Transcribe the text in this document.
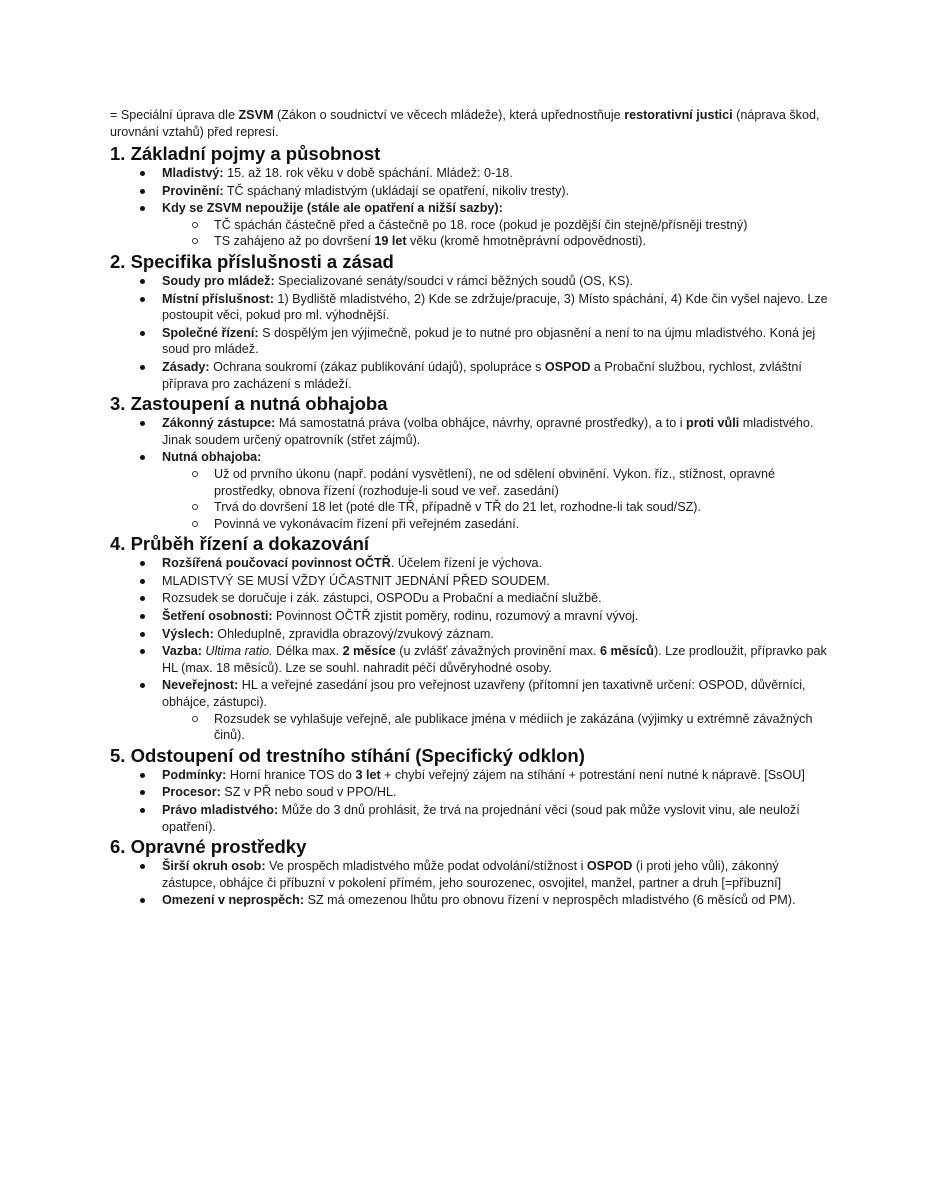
= Speciální úprava dle ZSVM (Zákon o soudnictví ve věcech mládeže), která upřednostňuje restorativní justici (náprava škod, urovnání vztahů) před represí.

1. Základní pojmy a působnost
Mladistvý: 15. až 18. rok věku v době spáchání. Mládež: 0-18.
Provinění: TČ spáchaný mladistvým (ukládají se opatření, nikoliv tresty).
Kdy se ZSVM nepoužije (stále ale opatření a nižší sazby):
TČ spáchán částečně před a částečně po 18. roce (pokud je pozdější čin stejně/přísněji trestný)
TS zahájeno až po dovršení 19 let věku (kromě hmotněprávní odpovědnosti).
2. Specifika příslušnosti a zásad
Soudy pro mládež: Specializované senáty/soudci v rámci běžných soudů (OS, KS).
Místní příslušnost: 1) Bydliště mladistvého, 2) Kde se zdržuje/pracuje, 3) Místo spáchání, 4) Kde čin vyšel najevo. Lze postoupit věci, pokud pro ml. výhodnější.
Společné řízení: S dospělým jen výjimečně, pokud je to nutné pro objasnění a není to na újmu mladistvého. Koná jej soud pro mládež.
Zásady: Ochrana soukromí (zákaz publikování údajů), spolupráce s OSPOD a Probační službou, rychlost, zvláštní příprava pro zacházení s mládeží.
3. Zastoupení a nutná obhajoba
Zákonný zástupce: Má samostatná práva (volba obhájce, návrhy, opravné prostředky), a to i proti vůli mladistvého. Jinak soudem určený opatrovník (střet zájmů).
Nutná obhajoba:
Už od prvního úkonu (např. podání vysvětlení), ne od sdělení obvinění. Vykon. říz., stížnost, opravné prostředky, obnova řízení (rozhoduje-li soud ve veř. zasedání)
Trvá do dovršení 18 let (poté dle TŘ, případně v TŘ do 21 let, rozhodne-li tak soud/SZ).
Povinná ve vykonávacím řízení při veřejném zasedání.
4. Průběh řízení a dokazování
Rozšířená poučovací povinnost OČTŘ. Účelem řízení je výchova.
MLADISTVÝ SE MUSÍ VŽDY ÚČASTNIT JEDNÁNÍ PŘED SOUDEM.
Rozsudek se doručuje i zák. zástupci, OSPODu a Probační a mediační službě.
Šetření osobnosti: Povinnost OČTŘ zjistit poměry, rodinu, rozumový a mravní vývoj.
Výslech: Ohleduplně, zpravidla obrazový/zvukový záznam.
Vazba: Ultima ratio. Délka max. 2 měsíce (u zvlášť závažných provinění max. 6 měsíců). Lze prodloužit, přípravko pak HL (max. 18 měsíců). Lze se souhl. nahradit péčí důvěryhodné osoby.
Neveřejnost: HL a veřejné zasedání jsou pro veřejnost uzavřeny (přítomní jen taxativně určení: OSPOD, důvěrníci, obhájce, zástupci).
Rozsudek se vyhlašuje veřejně, ale publikace jména v médiích je zakázána (výjimky u extrémně závažných činů).
5. Odstoupení od trestního stíhání (Specifický odklon)
Podmínky: Horní hranice TOS do 3 let + chybí veřejný zájem na stíhání + potrestání není nutné k nápravě. [SsOU]
Procesor: SZ v PŘ nebo soud v PPO/HL.
Právo mladistvého: Může do 3 dnů prohlásit, že trvá na projednání věci (soud pak může vyslovit vinu, ale neuloží opatření).
6. Opravné prostředky
Širší okruh osob: Ve prospěch mladistvého může podat odvolání/stížnost i OSPOD (i proti jeho vůli), zákonný zástupce, obhájce či příbuzní v pokolení přímém, jeho sourozenec, osvojitel, manžel, partner a druh [=příbuzní]
Omezení v neprospěch: SZ má omezenou lhůtu pro obnovu řízení v neprospěch mladistvého (6 měsíců od PM).
